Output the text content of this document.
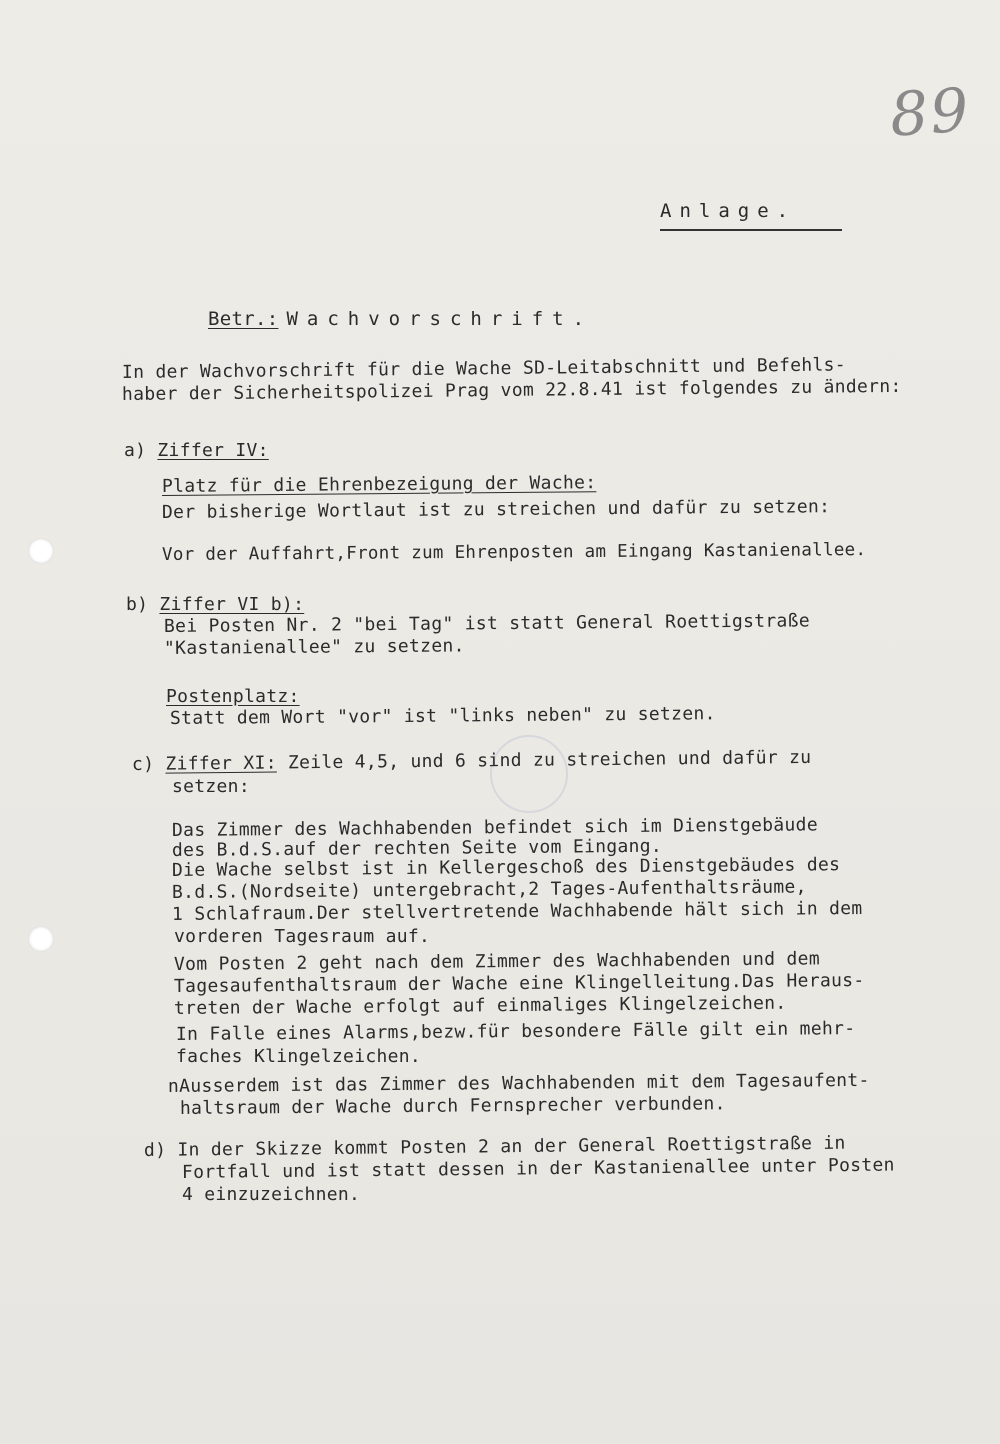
89
Anlage.
Betr.: Wachvorschrift.
In der Wachvorschrift für die Wache SD-Leitabschnitt und Befehls-
haber der Sicherheitspolizei Prag vom 22.8.41 ist folgendes zu ändern:
a) Ziffer IV:
Platz für die Ehrenbezeigung der Wache:
Der bisherige Wortlaut ist zu streichen und dafür zu setzen:
Vor der Auffahrt,Front zum Ehrenposten am Eingang Kastanienallee.
b) Ziffer VI b):
Bei Posten Nr. 2 "bei Tag" ist statt General Roettigstraße
"Kastanienallee" zu setzen.
Postenplatz:
Statt dem Wort "vor" ist "links neben" zu setzen.
c) Ziffer XI: Zeile 4,5, und 6 sind zu streichen und dafür zu
setzen:
Das Zimmer des Wachhabenden befindet sich im Dienstgebäude
des B.d.S.auf der rechten Seite vom Eingang.
Die Wache selbst ist in Kellergeschoß des Dienstgebäudes des
B.d.S.(Nordseite) untergebracht,2 Tages-Aufenthaltsräume,
1 Schlafraum.Der stellvertretende Wachhabende hält sich in dem
vorderen Tagesraum auf.
Vom Posten 2 geht nach dem Zimmer des Wachhabenden und dem
Tagesaufenthaltsraum der Wache eine Klingelleitung.Das Heraus-
treten der Wache erfolgt auf einmaliges Klingelzeichen.
In Falle eines Alarms,bezw.für besondere Fälle gilt ein mehr-
faches Klingelzeichen.
nAusserdem ist das Zimmer des Wachhabenden mit dem Tagesaufent-
haltsraum der Wache durch Fernsprecher verbunden.
d) In der Skizze kommt Posten 2 an der General Roettigstraße in
Fortfall und ist statt dessen in der Kastanienallee unter Posten
4 einzuzeichnen.
